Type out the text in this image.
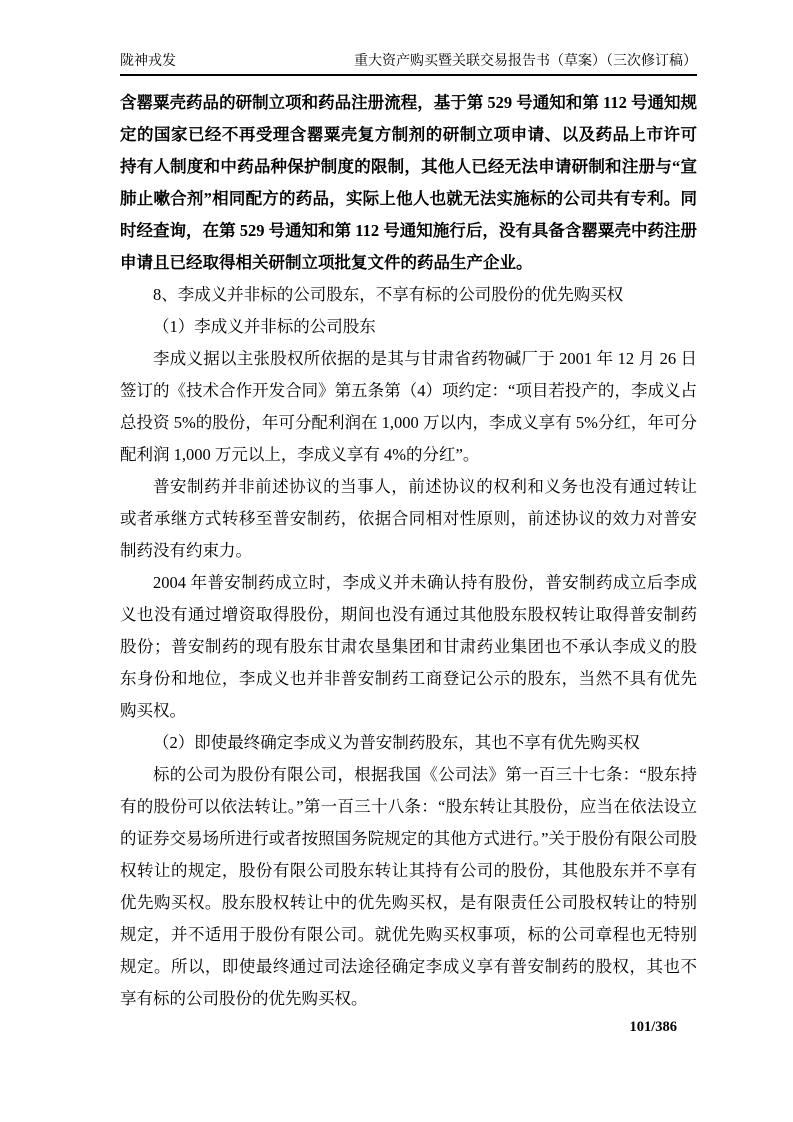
陇神戎发	重大资产购买暨关联交易报告书（草案）（三次修订稿）

含罂粟壳药品的研制立项和药品注册流程，基于第 529 号通知和第 112 号通知规定的国家已经不再受理含罂粟壳复方制剂的研制立项申请、以及药品上市许可持有人制度和中药品种保护制度的限制，其他人已经无法申请研制和注册与“宣肺止嗽合剂”相同配方的药品，实际上他人也就无法实施标的公司共有专利。同时经查询，在第 529 号通知和第 112 号通知施行后，没有具备含罂粟壳中药注册申请且已经取得相关研制立项批复文件的药品生产企业。

8、李成义并非标的公司股东，不享有标的公司股份的优先购买权

（1）李成义并非标的公司股东

李成义据以主张股权所依据的是其与甘肃省药物碱厂于 2001 年 12 月 26 日签订的《技术合作开发合同》第五条第（4）项约定：“项目若投产的，李成义占总投资 5%的股份，年可分配利润在 1,000 万以内，李成义享有 5%分红，年可分配利润 1,000 万元以上，李成义享有 4%的分红”。

普安制药并非前述协议的当事人，前述协议的权利和义务也没有通过转让或者承继方式转移至普安制药，依据合同相对性原则，前述协议的效力对普安制药没有约束力。

2004 年普安制药成立时，李成义并未确认持有股份，普安制药成立后李成义也没有通过增资取得股份，期间也没有通过其他股东股权转让取得普安制药股份；普安制药的现有股东甘肃农垦集团和甘肃药业集团也不承认李成义的股东身份和地位，李成义也并非普安制药工商登记公示的股东，当然不具有优先购买权。

（2）即使最终确定李成义为普安制药股东，其也不享有优先购买权

标的公司为股份有限公司，根据我国《公司法》第一百三十七条：“股东持有的股份可以依法转让。”第一百三十八条：“股东转让其股份，应当在依法设立的证券交易场所进行或者按照国务院规定的其他方式进行。”关于股份有限公司股权转让的规定，股份有限公司股东转让其持有公司的股份，其他股东并不享有优先购买权。股东股权转让中的优先购买权，是有限责任公司股权转让的特别规定，并不适用于股份有限公司。就优先购买权事项，标的公司章程也无特别规定。所以，即使最终通过司法途径确定李成义享有普安制药的股权，其也不享有标的公司股份的优先购买权。

101/386
